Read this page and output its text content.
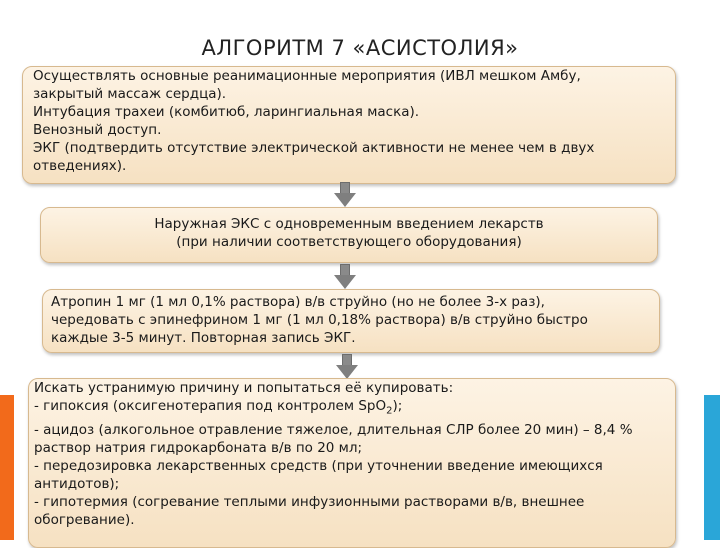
АЛГОРИТМ 7 «АСИСТОЛИЯ»
Осуществлять основные реанимационные мероприятия (ИВЛ мешком Амбу,
закрытый массаж сердца).
Интубация трахеи (комбитюб, ларингиальная маска).
Венозный доступ.
ЭКГ (подтвердить отсутствие электрической активности не менее чем в двух
отведениях).
Наружная ЭКС с одновременным введением лекарств
(при наличии соответствующего оборудования)
Атропин 1 мг (1 мл 0,1% раствора) в/в струйно (но не более 3-х раз),
чередовать с эпинефрином 1 мг (1 мл 0,18% раствора) в/в струйно быстро
каждые 3-5 минут. Повторная запись ЭКГ.
Искать устранимую причину и попытаться её купировать:
- гипоксия (оксигенотерапия под контролем SpO$_2$);
- ацидоз (алкогольное отравление тяжелое, длительная СЛР более 20 мин) – 8,4 %
раствор натрия гидрокарбоната в/в по 20 мл;
- передозировка лекарственных средств (при уточнении введение имеющихся
антидотов);
- гипотермия (согревание теплыми инфузионными растворами в/в, внешнее
обогревание).
